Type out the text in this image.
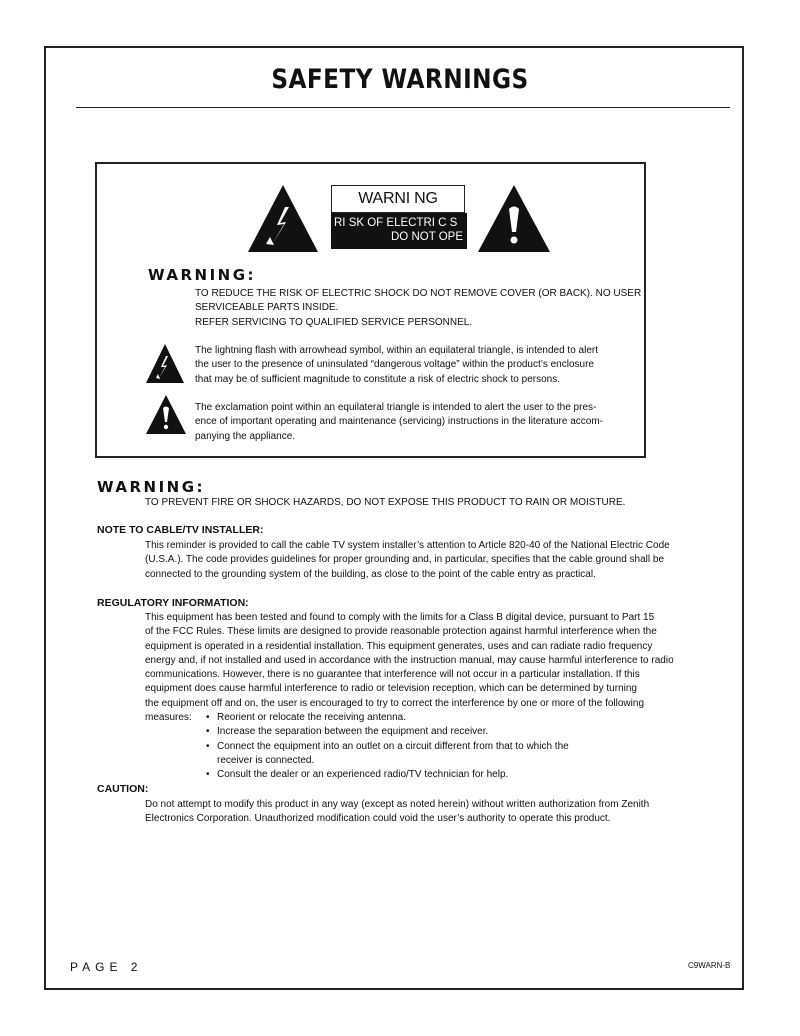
SAFETY WARNINGS
WARNI NG
RI SK OF ELECTRI C S
DO NOT OPE
WARNING:
TO REDUCE THE RISK OF ELECTRIC SHOCK DO NOT REMOVE COVER (OR BACK). NO USER
SERVICEABLE PARTS INSIDE.
REFER SERVICING TO QUALIFIED SERVICE PERSONNEL.
The lightning flash with arrowhead symbol, within an equilateral triangle, is intended to alert
the user to the presence of uninsulated “dangerous voltage” within the product’s enclosure
that may be of sufficient magnitude to constitute a risk of electric shock to persons.
The exclamation point within an equilateral triangle is intended to alert the user to the pres-
ence of important operating and maintenance (servicing) instructions in the literature accom-
panying the appliance.
WARNING:
TO PREVENT FIRE OR SHOCK HAZARDS, DO NOT EXPOSE THIS PRODUCT TO RAIN OR MOISTURE.
NOTE TO CABLE/TV INSTALLER:
This reminder is provided to call the cable TV system installer’s attention to Article 820-40 of the National Electric Code
(U.S.A.). The code provides guidelines for proper grounding and, in particular, specifies that the cable ground shall be
connected to the grounding system of the building, as close to the point of the cable entry as practical.
REGULATORY INFORMATION:
This equipment has been tested and found to comply with the limits for a Class B digital device, pursuant to Part 15
of the FCC Rules. These limits are designed to provide reasonable protection against harmful interference when the
equipment is operated in a residential installation. This equipment generates, uses and can radiate radio frequency
energy and, if not installed and used in accordance with the instruction manual, may cause harmful interference to radio
communications. However, there is no guarantee that interference will not occur in a particular installation. If this
equipment does cause harmful interference to radio or television reception, which can be determined by turning
the equipment off and on, the user is encouraged to try to correct the interference by one or more of the following
measures:
•	Reorient or relocate the receiving antenna.
• Increase the separation between the equipment and receiver.
• Connect the equipment into an outlet on a circuit different from that to which the
receiver is connected.
• Consult the dealer or an experienced radio/TV technician for help.
CAUTION:
Do not attempt to modify this product in any way (except as noted herein) without written authorization from Zenith
Electronics Corporation. Unauthorized modification could void the user’s authority to operate this product.
PAGE 2	C9WARN-B
